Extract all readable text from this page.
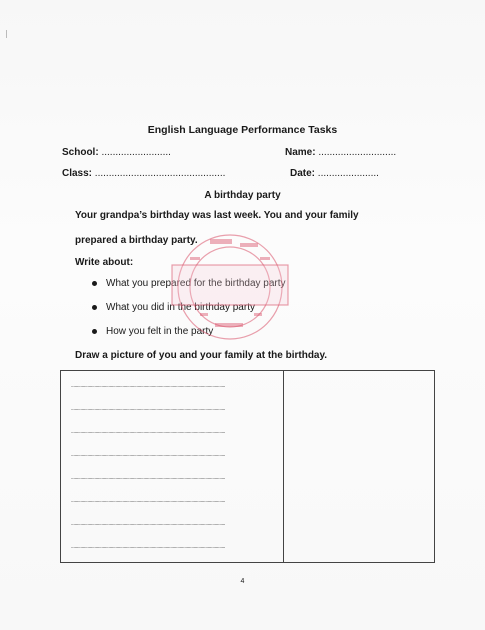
English Language Performance Tasks
School: .........................	Name: ............................
Class: ...............................................	Date: ......................
A birthday party
Your grandpa’s birthday was last week. You and your family
prepared a birthday party.
Write about:
What you prepared for the birthday party
What you did in the birthday party
How you felt in the party
Draw a picture of you and your family at the birthday.
....................................................................................................................................
....................................................................................................................................
....................................................................................................................................
....................................................................................................................................
....................................................................................................................................
....................................................................................................................................
....................................................................................................................................
....................................................................................................................................
4
